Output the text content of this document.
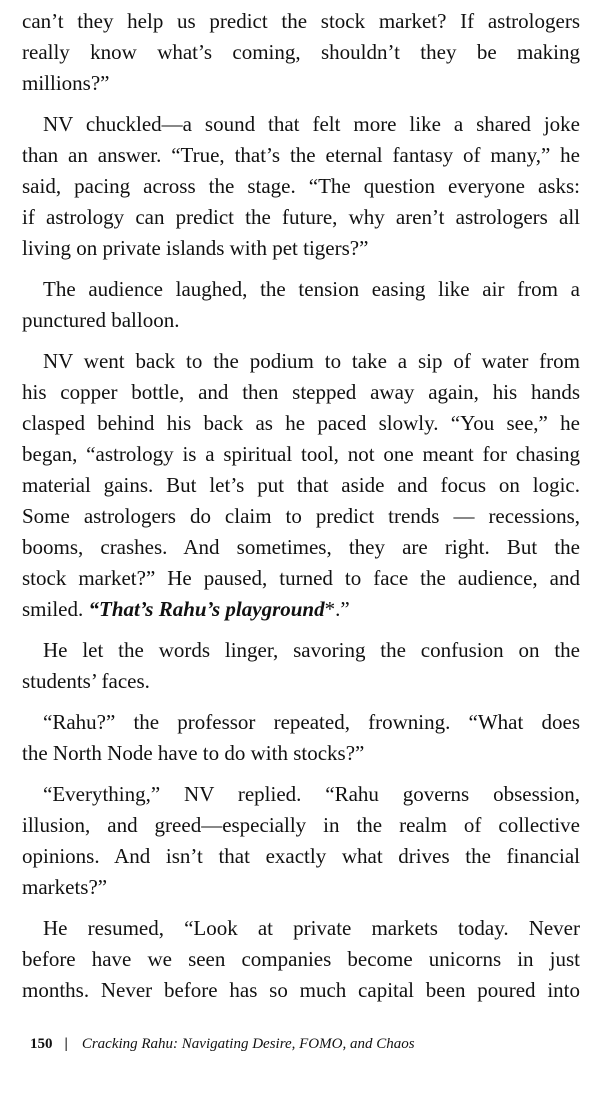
can’t they help us predict the stock market? If astrologers
really know what’s coming, shouldn’t they be making
millions?”
NV chuckled—a sound that felt more like a shared joke
than an answer. “True, that’s the eternal fantasy of many,” he
said, pacing across the stage. “The question everyone asks:
if astrology can predict the future, why aren’t astrologers all
living on private islands with pet tigers?”
The audience laughed, the tension easing like air from a
punctured balloon.
NV went back to the podium to take a sip of water from
his copper bottle, and then stepped away again, his hands
clasped behind his back as he paced slowly. “You see,” he
began, “astrology is a spiritual tool, not one meant for chasing
material gains. But let’s put that aside and focus on logic.
Some astrologers do claim to predict trends — recessions,
booms, crashes. And sometimes, they are right. But the
stock market?” He paused, turned to face the audience, and
smiled. “That’s Rahu’s playground*.”
He let the words linger, savoring the confusion on the
students’ faces.
“Rahu?” the professor repeated, frowning. “What does
the North Node have to do with stocks?”
“Everything,” NV replied. “Rahu governs obsession,
illusion, and greed—especially in the realm of collective
opinions. And isn’t that exactly what drives the financial
markets?”
He resumed, “Look at private markets today. Never
before have we seen companies become unicorns in just
months. Never before has so much capital been poured into
150 | Cracking Rahu: Navigating Desire, FOMO, and Chaos
